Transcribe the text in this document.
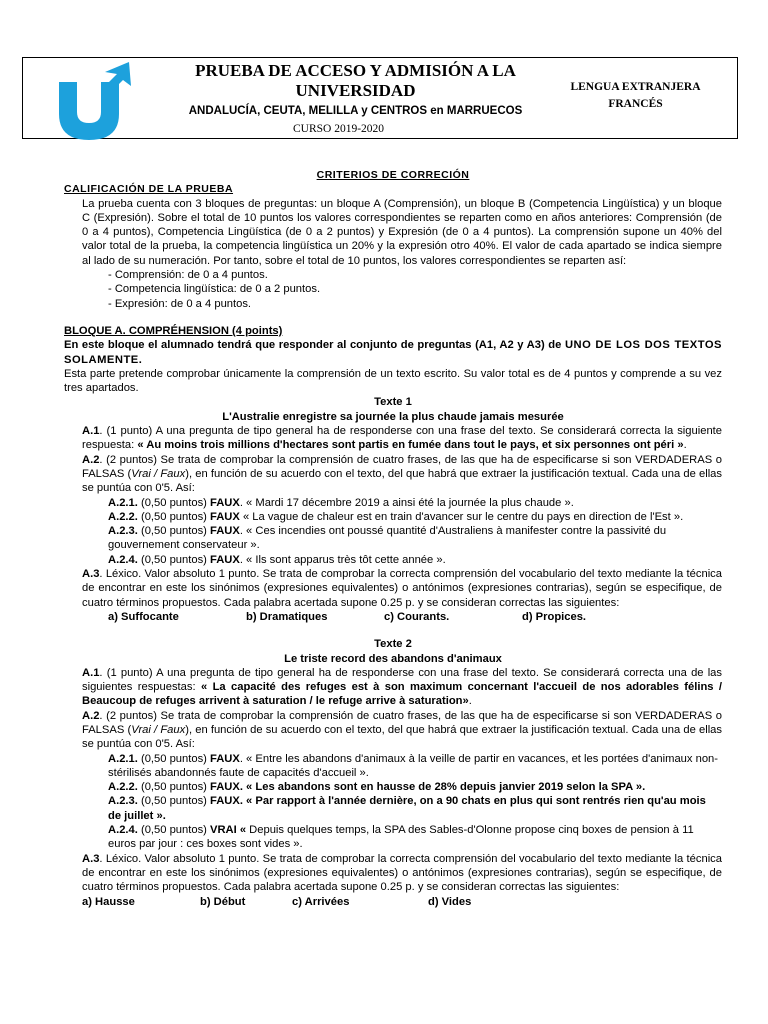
PRUEBA DE ACCESO Y ADMISIÓN A LA UNIVERSIDAD
ANDALUCÍA, CEUTA, MELILLA y CENTROS en MARRUECOS
CURSO 2019-2020
LENGUA EXTRANJERA
FRANCÉS

CRITERIOS DE CORRECIÓN

CALIFICACIÓN DE LA PRUEBA

La prueba cuenta con 3 bloques de preguntas: un bloque A (Comprensión), un bloque B (Competencia Lingüística) y un bloque C (Expresión). Sobre el total de 10 puntos los valores correspondientes se reparten como en años anteriores: Comprensión (de 0 a 4 puntos), Competencia Lingüística (de 0 a 2 puntos) y Expresión (de 0 a 4 puntos). La comprensión supone un 40% del valor total de la prueba, la competencia lingüística un 20% y la expresión otro 40%. El valor de cada apartado se indica siempre al lado de su numeración. Por tanto, sobre el total de 10 puntos, los valores correspondientes se reparten así:

- Comprensión: de 0 a 4 puntos.

- Competencia lingüística: de 0 a 2 puntos.

- Expresión: de 0 a 4 puntos.

BLOQUE A. COMPRÉHENSION (4 points)

En este bloque el alumnado tendrá que responder al conjunto de preguntas (A1, A2 y A3) de UNO DE LOS DOS TEXTOS SOLAMENTE.

Esta parte pretende comprobar únicamente la comprensión de un texto escrito. Su valor total es de 4 puntos y comprende a su vez tres apartados.

Texte 1

L'Australie enregistre sa journée la plus chaude jamais mesurée

A.1. (1 punto) A una pregunta de tipo general ha de responderse con una frase del texto. Se considerará correcta la siguiente respuesta: « Au moins trois millions d'hectares sont partis en fumée dans tout le pays, et six personnes ont péri ».

A.2. (2 puntos) Se trata de comprobar la comprensión de cuatro frases, de las que ha de especificarse si son VERDADERAS o FALSAS (Vrai / Faux), en función de su acuerdo con el texto, del que habrá que extraer la justificación textual. Cada una de ellas se puntúa con 0'5. Así:

A.2.1. (0,50 puntos) FAUX. « Mardi 17 décembre 2019 a ainsi été la journée la plus chaude ».

A.2.2. (0,50 puntos) FAUX « La vague de chaleur est en train d'avancer sur le centre du pays en direction de l'Est ».

A.2.3. (0,50 puntos) FAUX. « Ces incendies ont poussé quantité d'Australiens à manifester contre la passivité du gouvernement conservateur ».

A.2.4. (0,50 puntos) FAUX. « Ils sont apparus très tôt cette année ».

A.3. Léxico. Valor absoluto 1 punto. Se trata de comprobar la correcta comprensión del vocabulario del texto mediante la técnica de encontrar en este los sinónimos (expresiones equivalentes) o antónimos (expresiones contrarias), según se especifique, de cuatro términos propuestos. Cada palabra acertada supone 0.25 p. y se consideran correctas las siguientes:

a) Suffocante	b) Dramatiques	c) Courants.	d) Propices.

Texte 2

Le triste record des abandons d'animaux

A.1. (1 punto) A una pregunta de tipo general ha de responderse con una frase del texto. Se considerará correcta una de las siguientes respuestas: « La capacité des refuges est à son maximum concernant l'accueil de nos adorables félins / Beaucoup de refuges arrivent à saturation / le refuge arrive à saturation».

A.2. (2 puntos) Se trata de comprobar la comprensión de cuatro frases, de las que ha de especificarse si son VERDADERAS o FALSAS (Vrai / Faux), en función de su acuerdo con el texto, del que habrá que extraer la justificación textual. Cada una de ellas se puntúa con 0'5. Así:

A.2.1. (0,50 puntos) FAUX. « Entre les abandons d'animaux à la veille de partir en vacances, et les portées d'animaux non-stérilisés abandonnés faute de capacités d'accueil ».

A.2.2. (0,50 puntos) FAUX. « Les abandons sont en hausse de 28% depuis janvier 2019 selon la SPA ».

A.2.3. (0,50 puntos) FAUX. « Par rapport à l'année dernière, on a 90 chats en plus qui sont rentrés rien qu'au mois de juillet ».

A.2.4. (0,50 puntos) VRAI « Depuis quelques temps, la SPA des Sables-d'Olonne propose cinq boxes de pension à 11 euros par jour : ces boxes sont vides ».

A.3. Léxico. Valor absoluto 1 punto. Se trata de comprobar la correcta comprensión del vocabulario del texto mediante la técnica de encontrar en este los sinónimos (expresiones equivalentes) o antónimos (expresiones contrarias), según se especifique, de cuatro términos propuestos. Cada palabra acertada supone 0.25 p. y se consideran correctas las siguientes:

a) Hausse	b) Début	c) Arrivées	d) Vides
